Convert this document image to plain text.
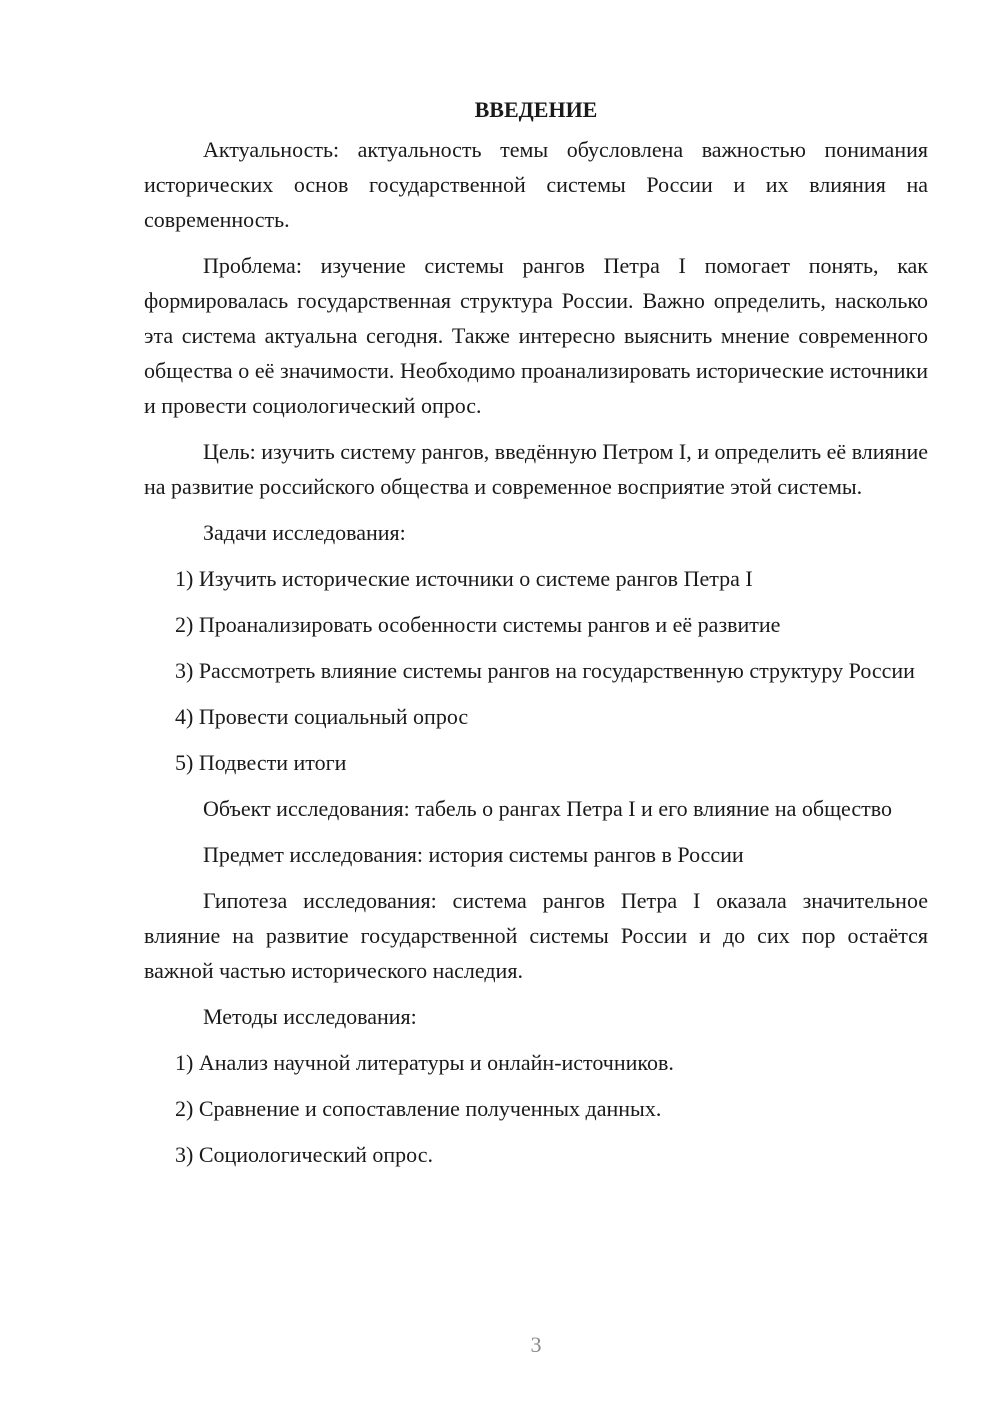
ВВЕДЕНИЕ

Актуальность: актуальность темы обусловлена важностью понимания исторических основ государственной системы России и их влияния на современность.

Проблема: изучение системы рангов Петра I помогает понять, как формировалась государственная структура России. Важно определить, насколько эта система актуальна сегодня. Также интересно выяснить мнение современного общества о её значимости. Необходимо проанализировать исторические источники и провести социологический опрос.

Цель: изучить систему рангов, введённую Петром I, и определить её влияние на развитие российского общества и современное восприятие этой системы.

Задачи исследования:

1) Изучить исторические источники о системе рангов Петра I

2) Проанализировать особенности системы рангов и её развитие

3) Рассмотреть влияние системы рангов на государственную структуру России

4) Провести социальный опрос

5) Подвести итоги

Объект исследования: табель о рангах Петра I и его влияние на общество

Предмет исследования: история системы рангов в России

Гипотеза исследования: система рангов Петра I оказала значительное влияние на развитие государственной системы России и до сих пор остаётся важной частью исторического наследия.

Методы исследования:

1) Анализ научной литературы и онлайн-источников.

2) Сравнение и сопоставление полученных данных.

3) Социологический опрос.

3
